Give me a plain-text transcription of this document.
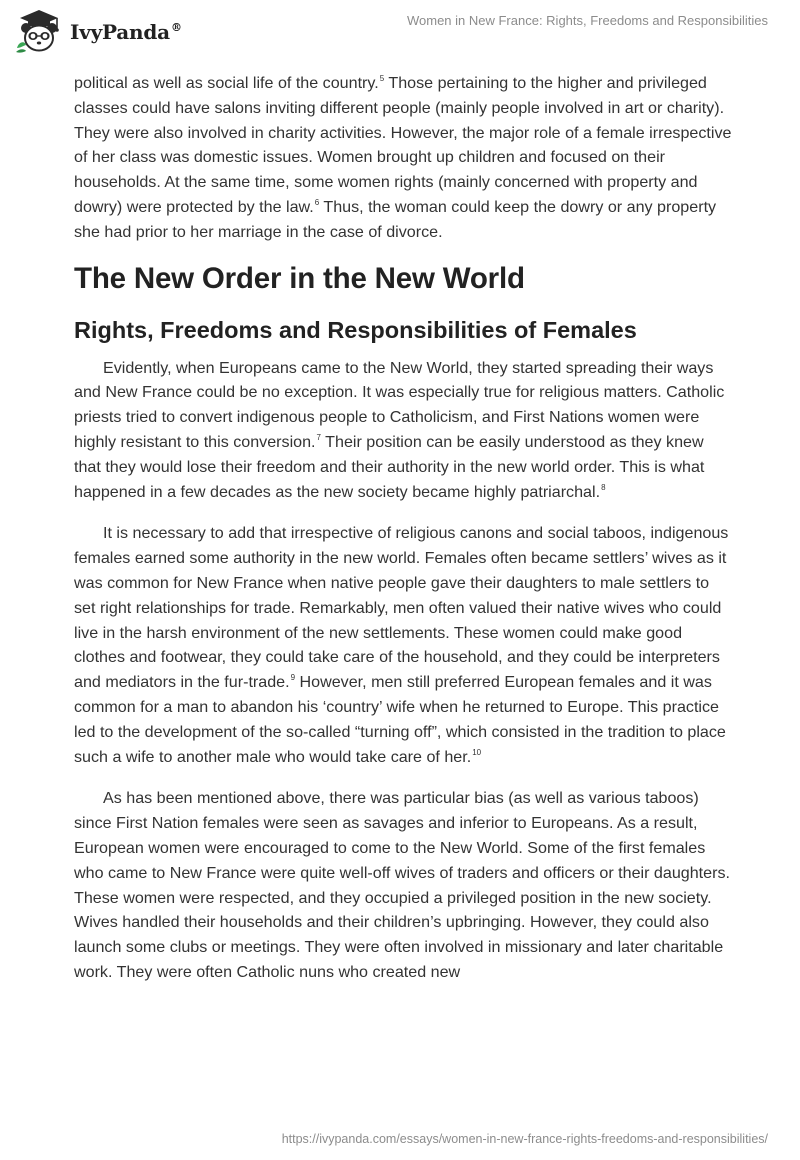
IvyPanda®	Women in New France: Rights, Freedoms and Responsibilities

political as well as social life of the country.$^5$ Those pertaining to the higher and privileged classes could have salons inviting different people (mainly people involved in art or charity). They were also involved in charity activities. However, the major role of a female irrespective of her class was domestic issues. Women brought up children and focused on their households. At the same time, some women rights (mainly concerned with property and dowry) were protected by the law.$^6$ Thus, the woman could keep the dowry or any property she had prior to her marriage in the case of divorce.

The New Order in the New World
Rights, Freedoms and Responsibilities of Females

Evidently, when Europeans came to the New World, they started spreading their ways and New France could be no exception. It was especially true for religious matters. Catholic priests tried to convert indigenous people to Catholicism, and First Nations women were highly resistant to this conversion.$^7$ Their position can be easily understood as they knew that they would lose their freedom and their authority in the new world order. This is what happened in a few decades as the new society became highly patriarchal.$^8$

It is necessary to add that irrespective of religious canons and social taboos, indigenous females earned some authority in the new world. Females often became settlers’ wives as it was common for New France when native people gave their daughters to male settlers to set right relationships for trade. Remarkably, men often valued their native wives who could live in the harsh environment of the new settlements. These women could make good clothes and footwear, they could take care of the household, and they could be interpreters and mediators in the fur-trade.$^9$ However, men still preferred European females and it was common for a man to abandon his ‘country’ wife when he returned to Europe. This practice led to the development of the so-called “turning off”, which consisted in the tradition to place such a wife to another male who would take care of her.$^{10}$

As has been mentioned above, there was particular bias (as well as various taboos) since First Nation females were seen as savages and inferior to Europeans. As a result, European women were encouraged to come to the New World. Some of the first females who came to New France were quite well-off wives of traders and officers or their daughters. These women were respected, and they occupied a privileged position in the new society. Wives handled their households and their children’s upbringing. However, they could also launch some clubs or meetings. They were often involved in missionary and later charitable work. They were often Catholic nuns who created new

https://ivypanda.com/essays/women-in-new-france-rights-freedoms-and-responsibilities/
